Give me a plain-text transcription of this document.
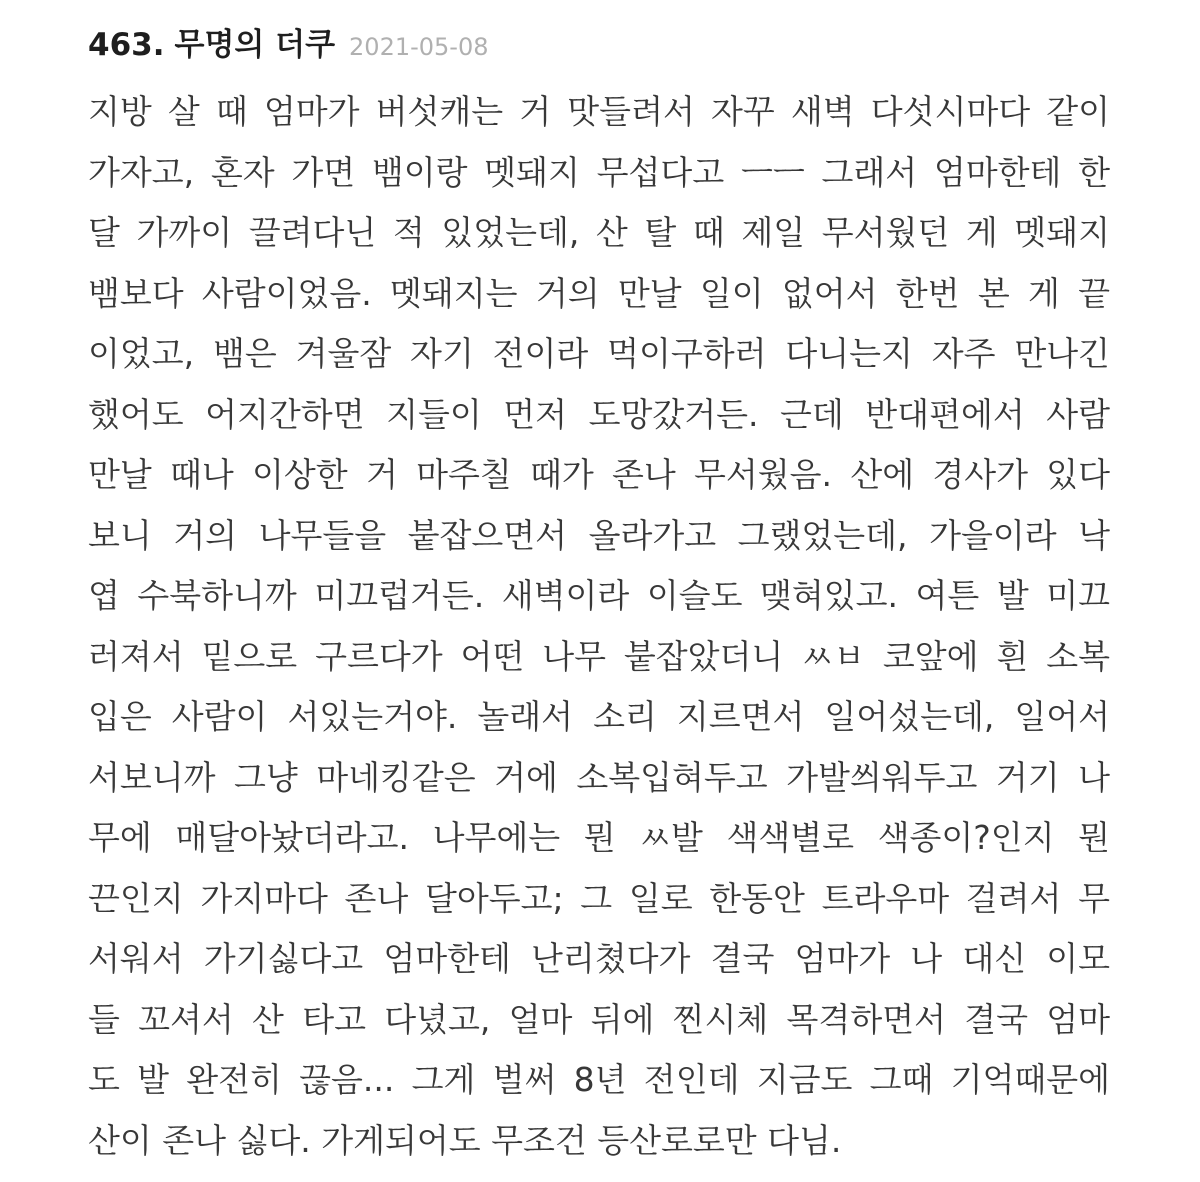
463. 무명의 더쿠 2021-05-08
지방 살 때 엄마가 버섯캐는 거 맛들려서 자꾸 새벽 다섯시마다 같이
가자고, 혼자 가면 뱀이랑 멧돼지 무섭다고 ㅡㅡ 그래서 엄마한테 한
달 가까이 끌려다닌 적 있었는데, 산 탈 때 제일 무서웠던 게 멧돼지
뱀보다 사람이었음. 멧돼지는 거의 만날 일이 없어서 한번 본 게 끝
이었고, 뱀은 겨울잠 자기 전이라 먹이구하러 다니는지 자주 만나긴
했어도 어지간하면 지들이 먼저 도망갔거든. 근데 반대편에서 사람
만날 때나 이상한 거 마주칠 때가 존나 무서웠음. 산에 경사가 있다
보니 거의 나무들을 붙잡으면서 올라가고 그랬었는데, 가을이라 낙
엽 수북하니까 미끄럽거든. 새벽이라 이슬도 맺혀있고. 여튼 발 미끄
러져서 밑으로 구르다가 어떤 나무 붙잡았더니 ㅆㅂ 코앞에 흰 소복
입은 사람이 서있는거야. 놀래서 소리 지르면서 일어섰는데, 일어서
서보니까 그냥 마네킹같은 거에 소복입혀두고 가발씌워두고 거기 나
무에 매달아놨더라고. 나무에는 뭔 ㅆ발 색색별로 색종이?인지 뭔
끈인지 가지마다 존나 달아두고; 그 일로 한동안 트라우마 걸려서 무
서워서 가기싫다고 엄마한테 난리쳤다가 결국 엄마가 나 대신 이모
들 꼬셔서 산 타고 다녔고, 얼마 뒤에 찐시체 목격하면서 결국 엄마
도 발 완전히 끊음... 그게 벌써 8년 전인데 지금도 그때 기억때문에
산이 존나 싫다. 가게되어도 무조건 등산로로만 다님.
